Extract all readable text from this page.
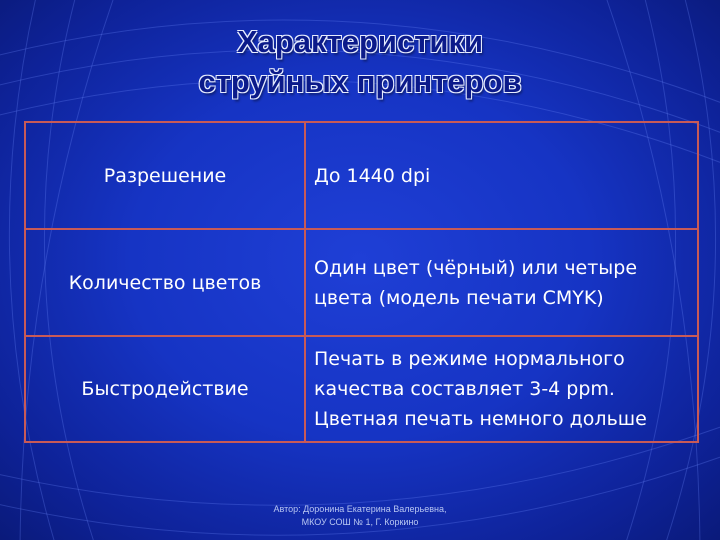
Характеристики
струйных принтеров
Разрешение	До 1440 dpi
Количество цветов	Один цвет (чёрный) или четыре цвета (модель печати CMYK)
Быстродействие	Печать в режиме нормального качества составляет 3-4 ppm. Цветная печать немного дольше
Автор: Доронина Екатерина Валерьевна,
МКОУ СОШ № 1, Г. Коркино
